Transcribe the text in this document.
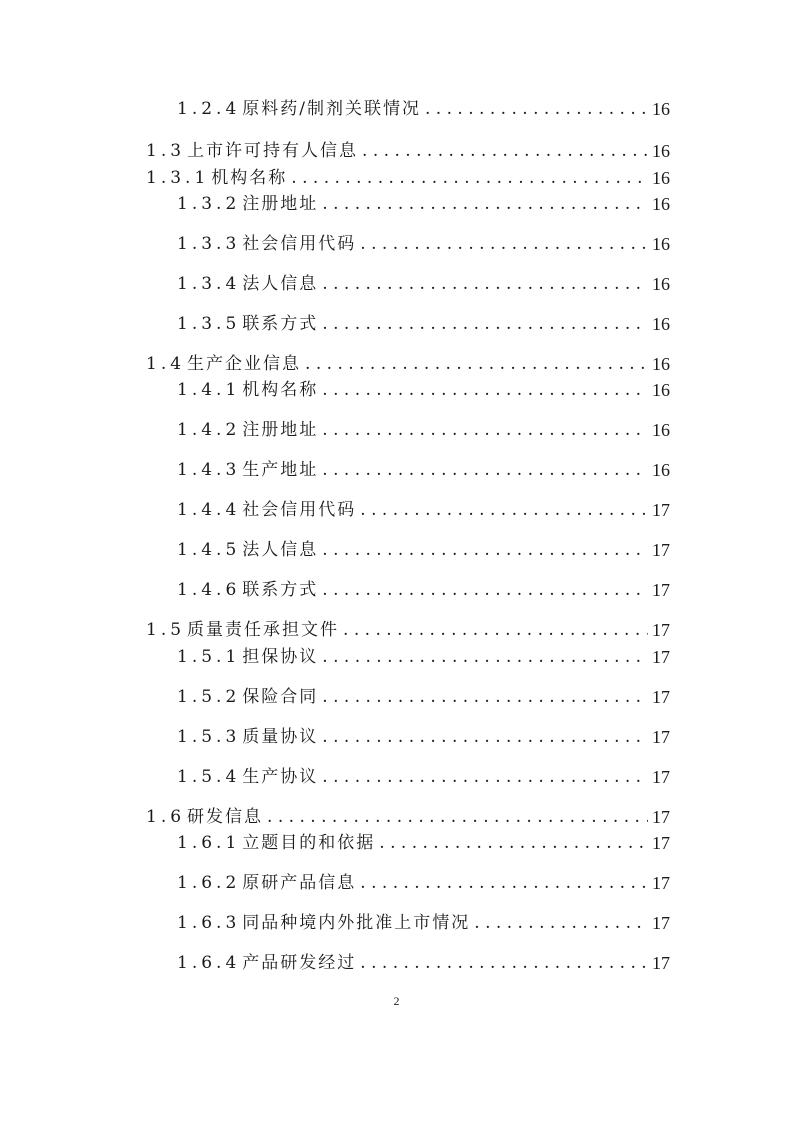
1.2.4 原料药/制剂关联情况 . . .	16
1.3 上市许可持有人信息 . . .	16
1.3.1 机构名称 . . .	16
1.3.2 注册地址 . . .	16
1.3.3 社会信用代码 . . .	16
1.3.4 法人信息 . . .	16
1.3.5 联系方式 . . .	16
1.4 生产企业信息 . . .	16
1.4.1 机构名称 . . .	16
1.4.2 注册地址 . . .	16
1.4.3 生产地址 . . .	16
1.4.4 社会信用代码 . . .	17
1.4.5 法人信息 . . .	17
1.4.6 联系方式 . . .	17
1.5 质量责任承担文件 . . .	17
1.5.1 担保协议 . . .	17
1.5.2 保险合同 . . .	17
1.5.3 质量协议 . . .	17
1.5.4 生产协议 . . .	17
1.6 研发信息 . . .	17
1.6.1 立题目的和依据 . . .	17
1.6.2 原研产品信息 . . .	17
1.6.3 同品种境内外批准上市情况 . . .	17
1.6.4 产品研发经过 . . .	17
2
